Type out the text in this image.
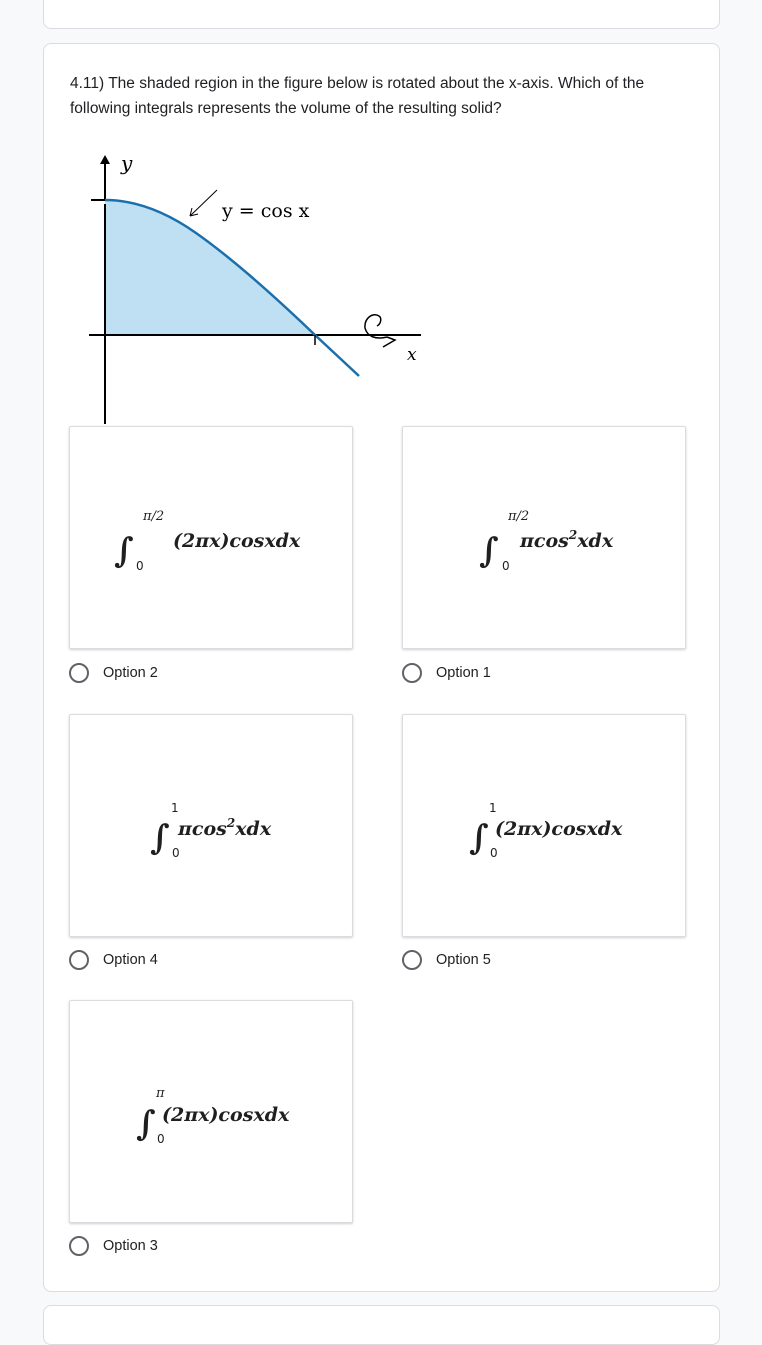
4.11) The shaded region in the figure below is rotated about the x-axis. Which of the following integrals represents the volume of the resulting solid?
y
x
y = cos x
∫
π/2
0
(2πx)cosxdx
Option 2
∫
π/2
0
πcos$^2$xdx
Option 1
∫
1
0
πcos$^2$xdx
Option 4
∫
1
0
(2πx)cosxdx
Option 5
∫
π
0
(2πx)cosxdx
Option 3
